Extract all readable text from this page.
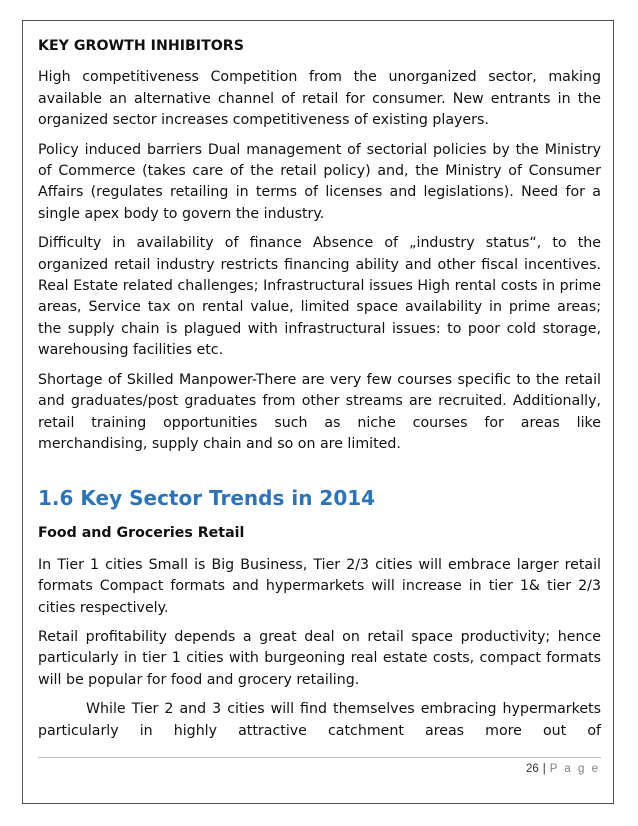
KEY GROWTH INHIBITORS

High competitiveness Competition from the unorganized sector, making available an alternative channel of retail for consumer. New entrants in the organized sector increases competitiveness of existing players.

Policy induced barriers Dual management of sectorial policies by the Ministry of Commerce (takes care of the retail policy) and, the Ministry of Consumer Affairs (regulates retailing in terms of licenses and legislations). Need for a single apex body to govern the industry.

Difficulty in availability of finance Absence of „industry status“, to the organized retail industry restricts financing ability and other fiscal incentives. Real Estate related challenges; Infrastructural issues High rental costs in prime areas, Service tax on rental value, limited space availability in prime areas; the supply chain is plagued with infrastructural issues: to poor cold storage, warehousing facilities etc.

Shortage of Skilled Manpower-There are very few courses specific to the retail and graduates/post graduates from other streams are recruited. Additionally, retail training opportunities such as niche courses for areas like merchandising, supply chain and so on are limited.

1.6 Key Sector Trends in 2014

Food and Groceries Retail

In Tier 1 cities Small is Big Business, Tier 2/3 cities will embrace larger retail formats Compact formats and hypermarkets will increase in tier 1& tier 2/3 cities respectively.

Retail profitability depends a great deal on retail space productivity; hence particularly in tier 1 cities with burgeoning real estate costs, compact formats will be popular for food and grocery retailing.

While Tier 2 and 3 cities will find themselves embracing hypermarkets particularly in highly attractive catchment areas more out of

26 | P a g e
